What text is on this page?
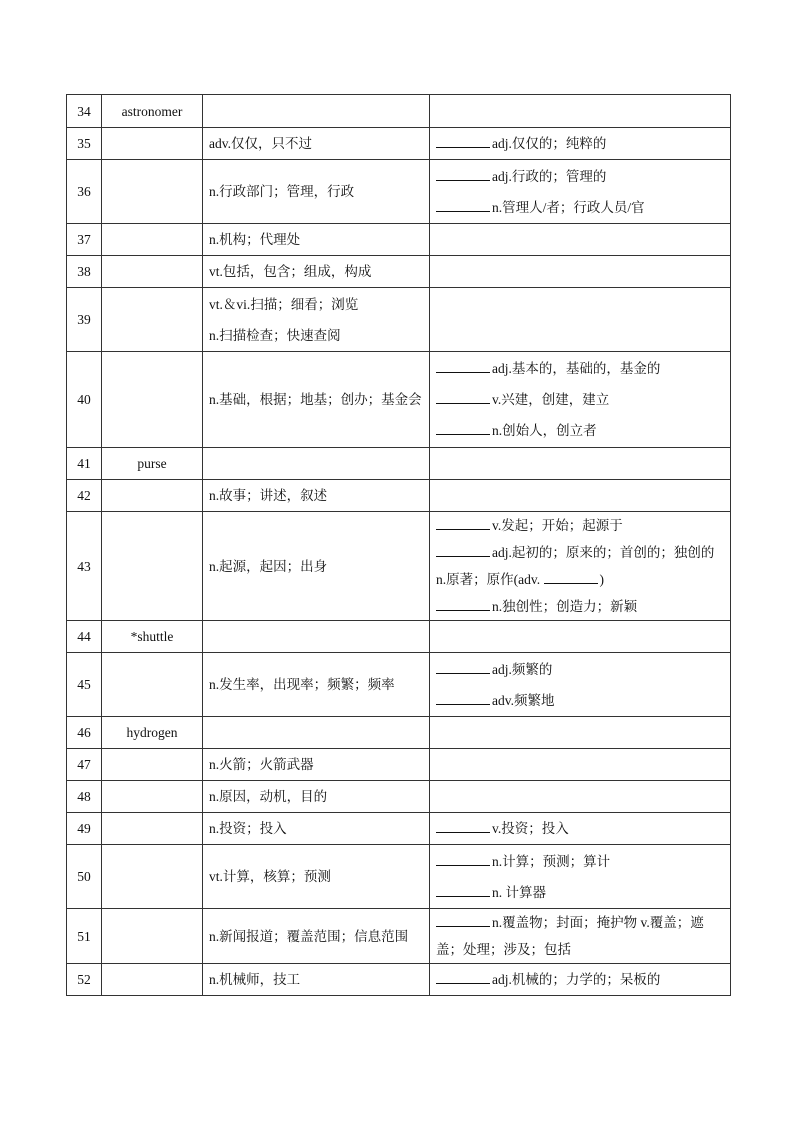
34	astronomer		
35		adv.仅仅，只不过	adj.仅仅的；纯粹的

36		n.行政部门；管理，行政	adj.行政的；管理的
n.管理人/者；行政人员/官

37		n.机构；代理处	

38		vt.包括，包含；组成，构成	

39		vt.＆vi.扫描；细看；浏览
n.扫描检查；快速查阅	

40		n.基础，根据；地基；创办；基金会	adj.基本的，基础的，基金的
v.兴建，创建，建立
n.创始人，创立者

41	purse		
42		n.故事；讲述，叙述	

43		n.起源，起因；出身	v.发起；开始；起源于
adj.起初的；原来的；首创的；独创的
n.原著；原作(adv. )
n.独创性；创造力；新颖

44	*shuttle		
45		n.发生率，出现率；频繁；频率	adj.频繁的
adv.频繁地

46	hydrogen		
47		n.火箭；火箭武器	

48		n.原因，动机，目的	

49		n.投资；投入	v.投资；投入

50		vt.计算，核算；预测	n.计算；预测；算计
n. 计算器

51		n.新闻报道；覆盖范围；信息范围	n.覆盖物；封面；掩护物 v.覆盖；遮盖；处理；涉及；包括
52		n.机械师，技工	adj.机械的；力学的；呆板的
